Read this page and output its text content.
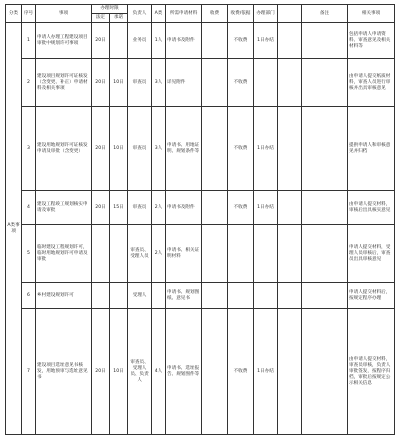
分类	序号	事项	办理时限		负责人	A类	所需申请材料	收费	收费/依据	办理部门		备注	相关事项
			法定	承诺									
A类事项	1	申请人办理工程建设项目审批中规划许可事项	20日		业务员	1人	申请书及附件		不收费	1日办结			包括申请人申请资料、审查意见及相关材料等
	2	建设项目规划许可证核发（含变更、补正）申请材料及相关事项	20日	10日	审查员	3人	详见附件		不收费				由申请人提交纸质材料，审查人员进行审核并出具审核意见
	3	建设用地规划许可证核发申请及审批（含变更）	20日	10日	审查员	3人	申请书、用地证明、规划条件等		不收费	1日办结			提供申请人和审核意见并归档
	4	建设工程竣工规划核实申请及审批	20日	15日	审查员	2人	申请书及附件		不收费	1日办结			由申请人提交材料，审核后出具核实意见
	5	临时建设工程规划许可，临时用地规划许可申请及审批			审查员、受理人员	2人	申请书、相关证明材料						申请人提交材料，受理人员审核后，审查员出具审核意见
	6	乡村建设规划许可			受理人		申请书、规划图纸、意见书						申请人提交材料后，按规定程序办理
	7	建设项目选址意见书核发，用地预审与选址意见书	20日	10日	审查员、受理人员、负责人	4人	申请书、选址报告、规划图件等		不收费	1日办结			由申请人提交材料，审查员审核，负责人审批签发，按程序归档，审批后按规定公示相关信息
